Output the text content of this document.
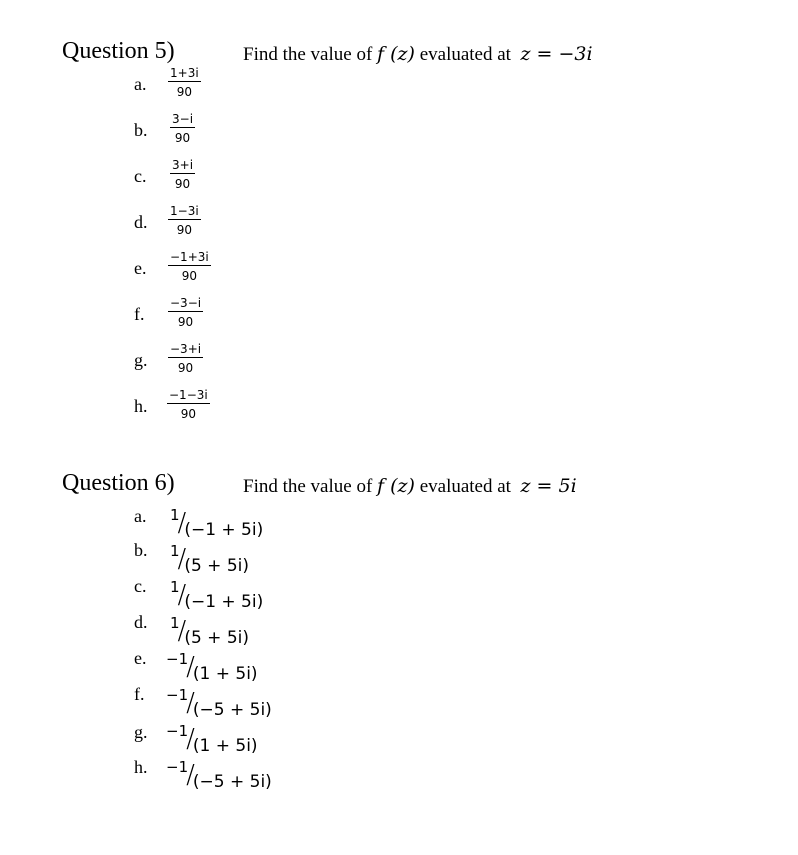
Question 5)	Find the value of f (z) evaluated at z = −3i
a. $\frac{1+3i}{90}$
b. $\frac{3-i}{90}$
c. $\frac{3+i}{90}$
d. $\frac{1-3i}{90}$
e. $\frac{-1+3i}{90}$
f. $\frac{-3-i}{90}$
g. $\frac{-3+i}{90}$
h. $\frac{-1-3i}{90}$
Question 6)	Find the value of f (z) evaluated at z = 5i
a. 1/(−1 + 5i)
b. 1/(5 + 5i)
c. 1/(−1 + 5i)
d. 1/(5 + 5i)
e. −1/(1 + 5i)
f. −1/(−5 + 5i)
g. −1/(1 + 5i)
h. −1/(−5 + 5i)
